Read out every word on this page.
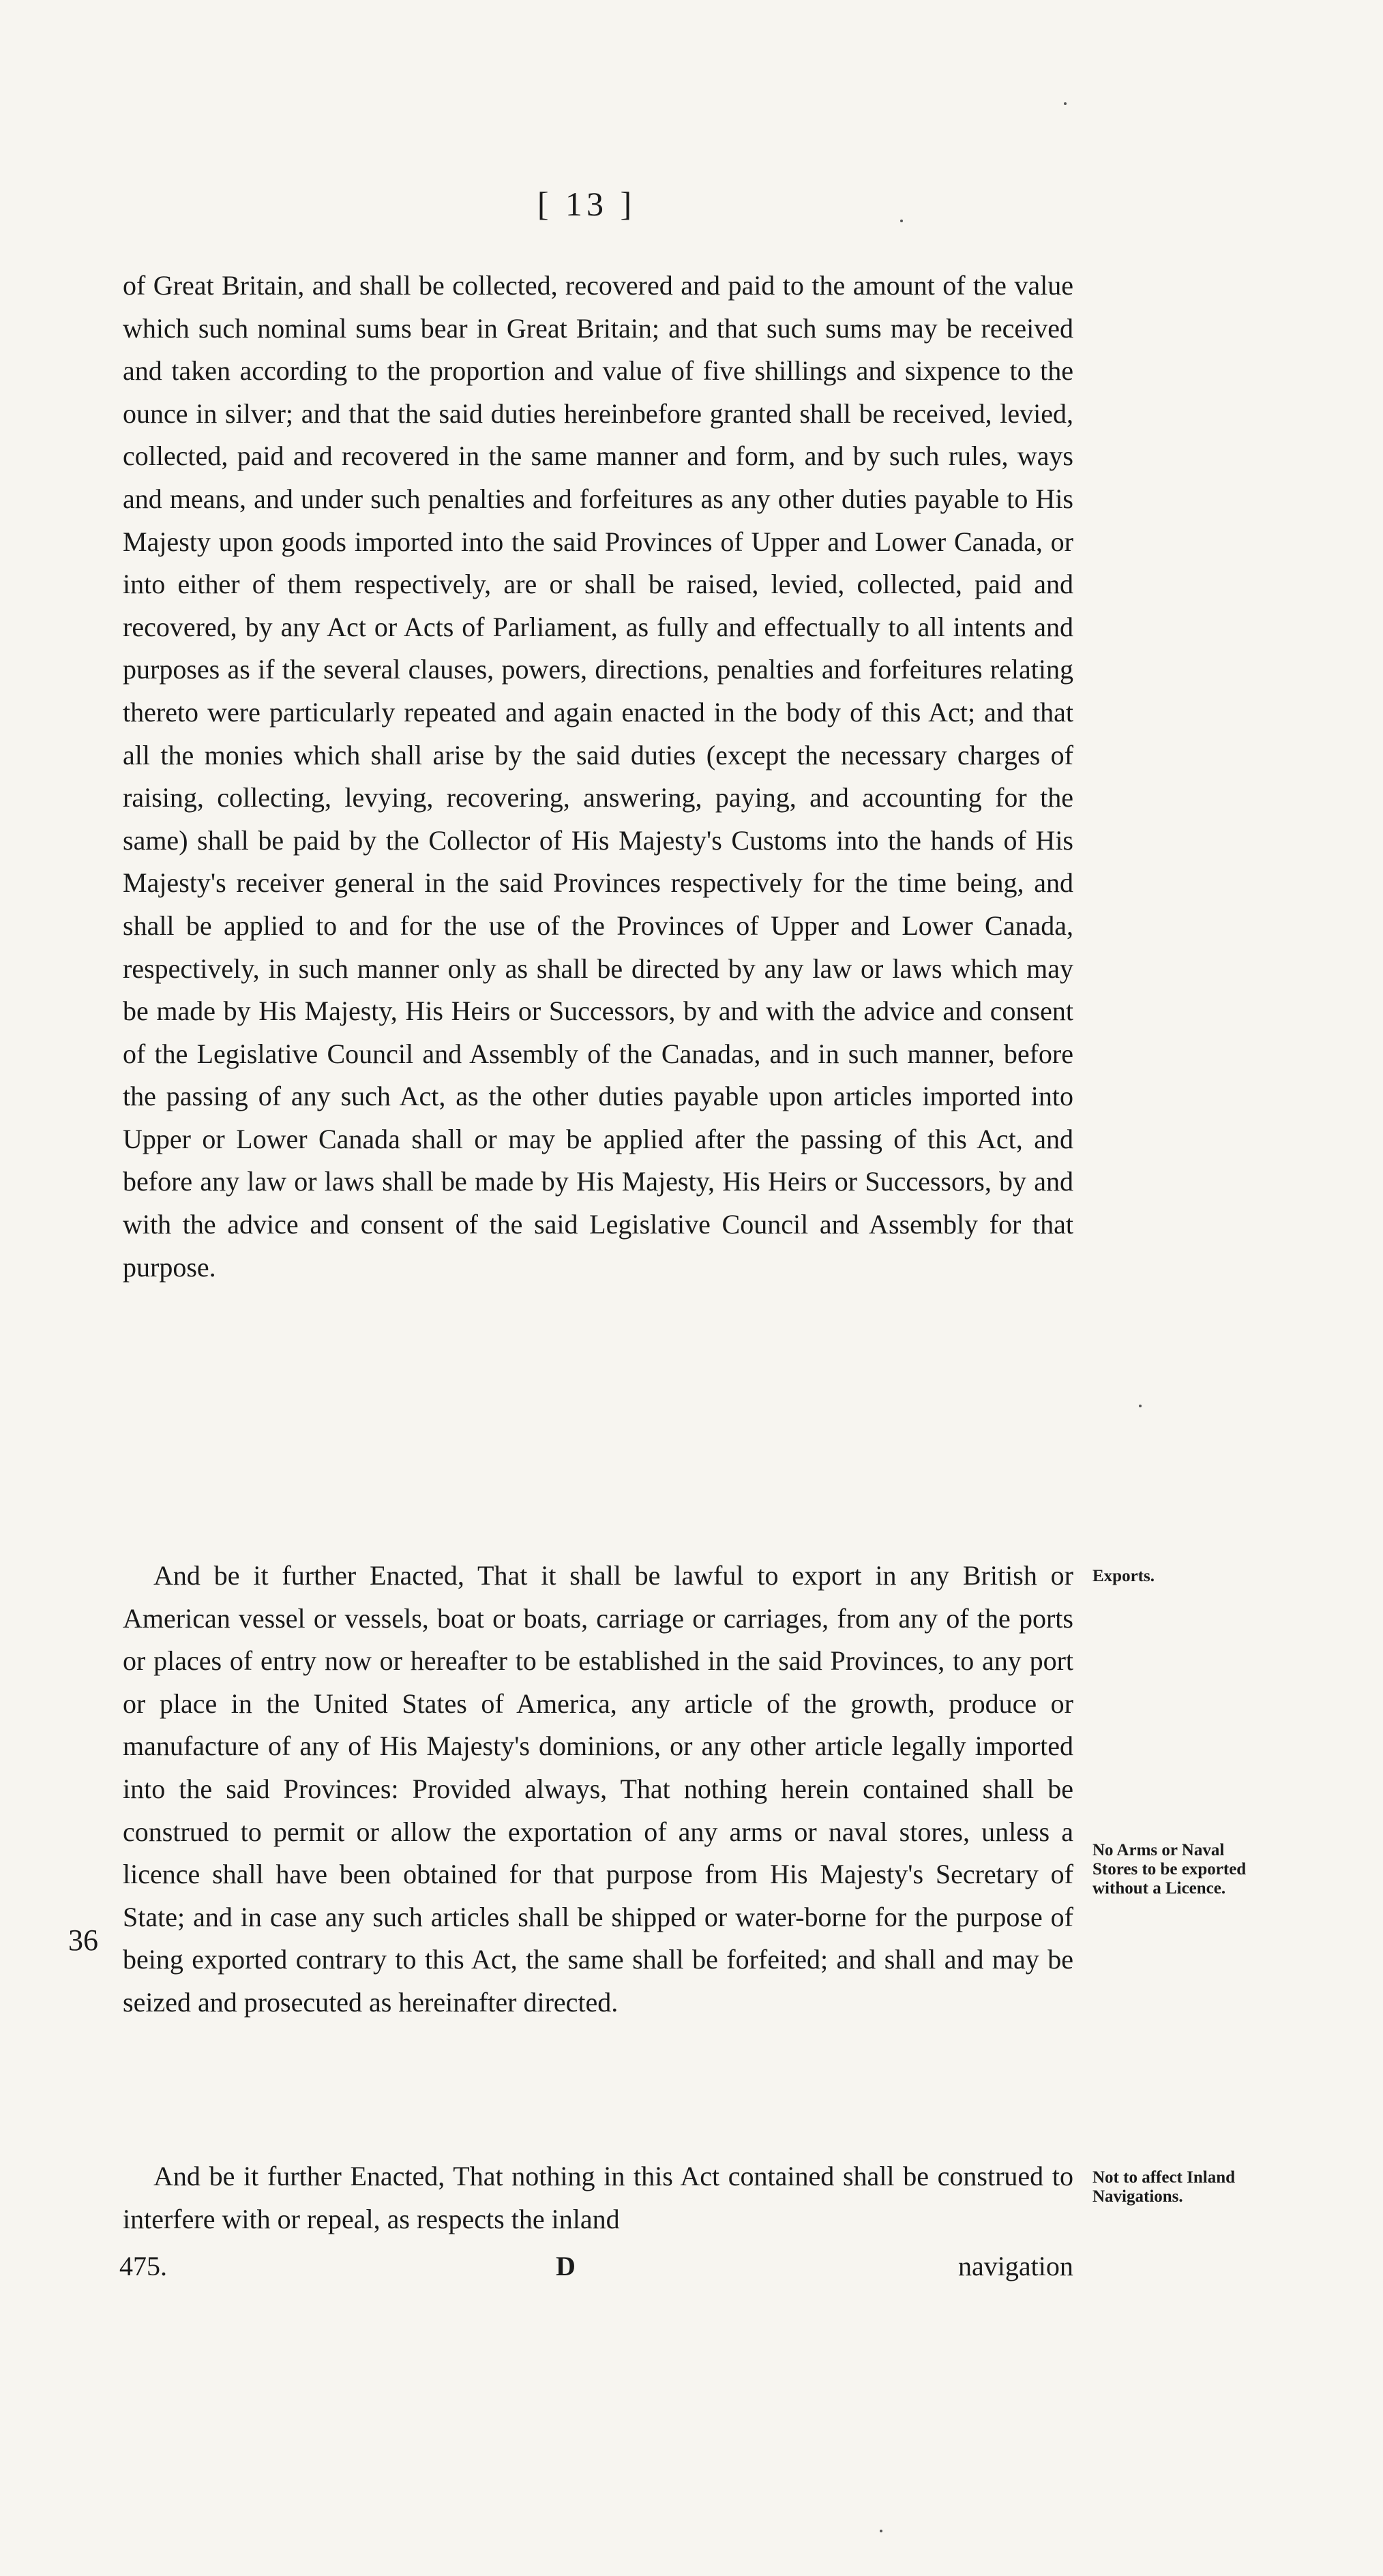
[ 13 ]

of Great Britain, and shall be collected, recovered and paid to the amount of the value which such nominal sums bear in Great Britain; and that such sums may be received and taken according to the proportion and value of five shillings and sixpence to the ounce in silver; and that the said duties hereinbefore granted shall be received, levied, collected, paid and recovered in the same manner and form, and by such rules, ways and means, and under such penalties and forfeitures as any other duties payable to His Majesty upon goods imported into the said Provinces of Upper and Lower Canada, or into either of them respectively, are or shall be raised, levied, collected, paid and recovered, by any Act or Acts of Parliament, as fully and effectually to all intents and purposes as if the several clauses, powers, directions, penalties and forfeitures relating thereto were particularly repeated and again enacted in the body of this Act; and that all the monies which shall arise by the said duties (except the necessary charges of raising, collecting, levying, recovering, answering, paying, and accounting for the same) shall be paid by the Collector of His Majesty's Customs into the hands of His Majesty's receiver general in the said Provinces respectively for the time being, and shall be applied to and for the use of the Provinces of Upper and Lower Canada, respectively, in such manner only as shall be directed by any law or laws which may be made by His Majesty, His Heirs or Successors, by and with the advice and consent of the Legislative Council and Assembly of the Canadas, and in such manner, before the passing of any such Act, as the other duties payable upon articles imported into Upper or Lower Canada shall or may be applied after the passing of this Act, and before any law or laws shall be made by His Majesty, His Heirs or Successors, by and with the advice and consent of the said Legislative Council and Assembly for that purpose.

And be it further Enacted, That it shall be lawful to export in any British or American vessel or vessels, boat or boats, carriage or carriages, from any of the ports or places of entry now or hereafter to be established in the said Provinces, to any port or place in the United States of America, any article of the growth, produce or manufacture of any of His Majesty's dominions, or any other article legally imported into the said Provinces: Provided always, That nothing herein contained shall be construed to permit or allow the exportation of any arms or naval stores, unless a licence shall have been obtained for that purpose from His Majesty's Secretary of State; and in case any such articles shall be shipped or water-borne for the purpose of being exported contrary to this Act, the same shall be forfeited; and shall and may be seized and prosecuted as hereinafter directed.

And be it further Enacted, That nothing in this Act contained shall be construed to interfere with or repeal, as respects the inland

Exports.
No Arms or Naval Stores to be exported without a Licence.
Not to affect Inland Navigations.
36
475.	D	navigation
